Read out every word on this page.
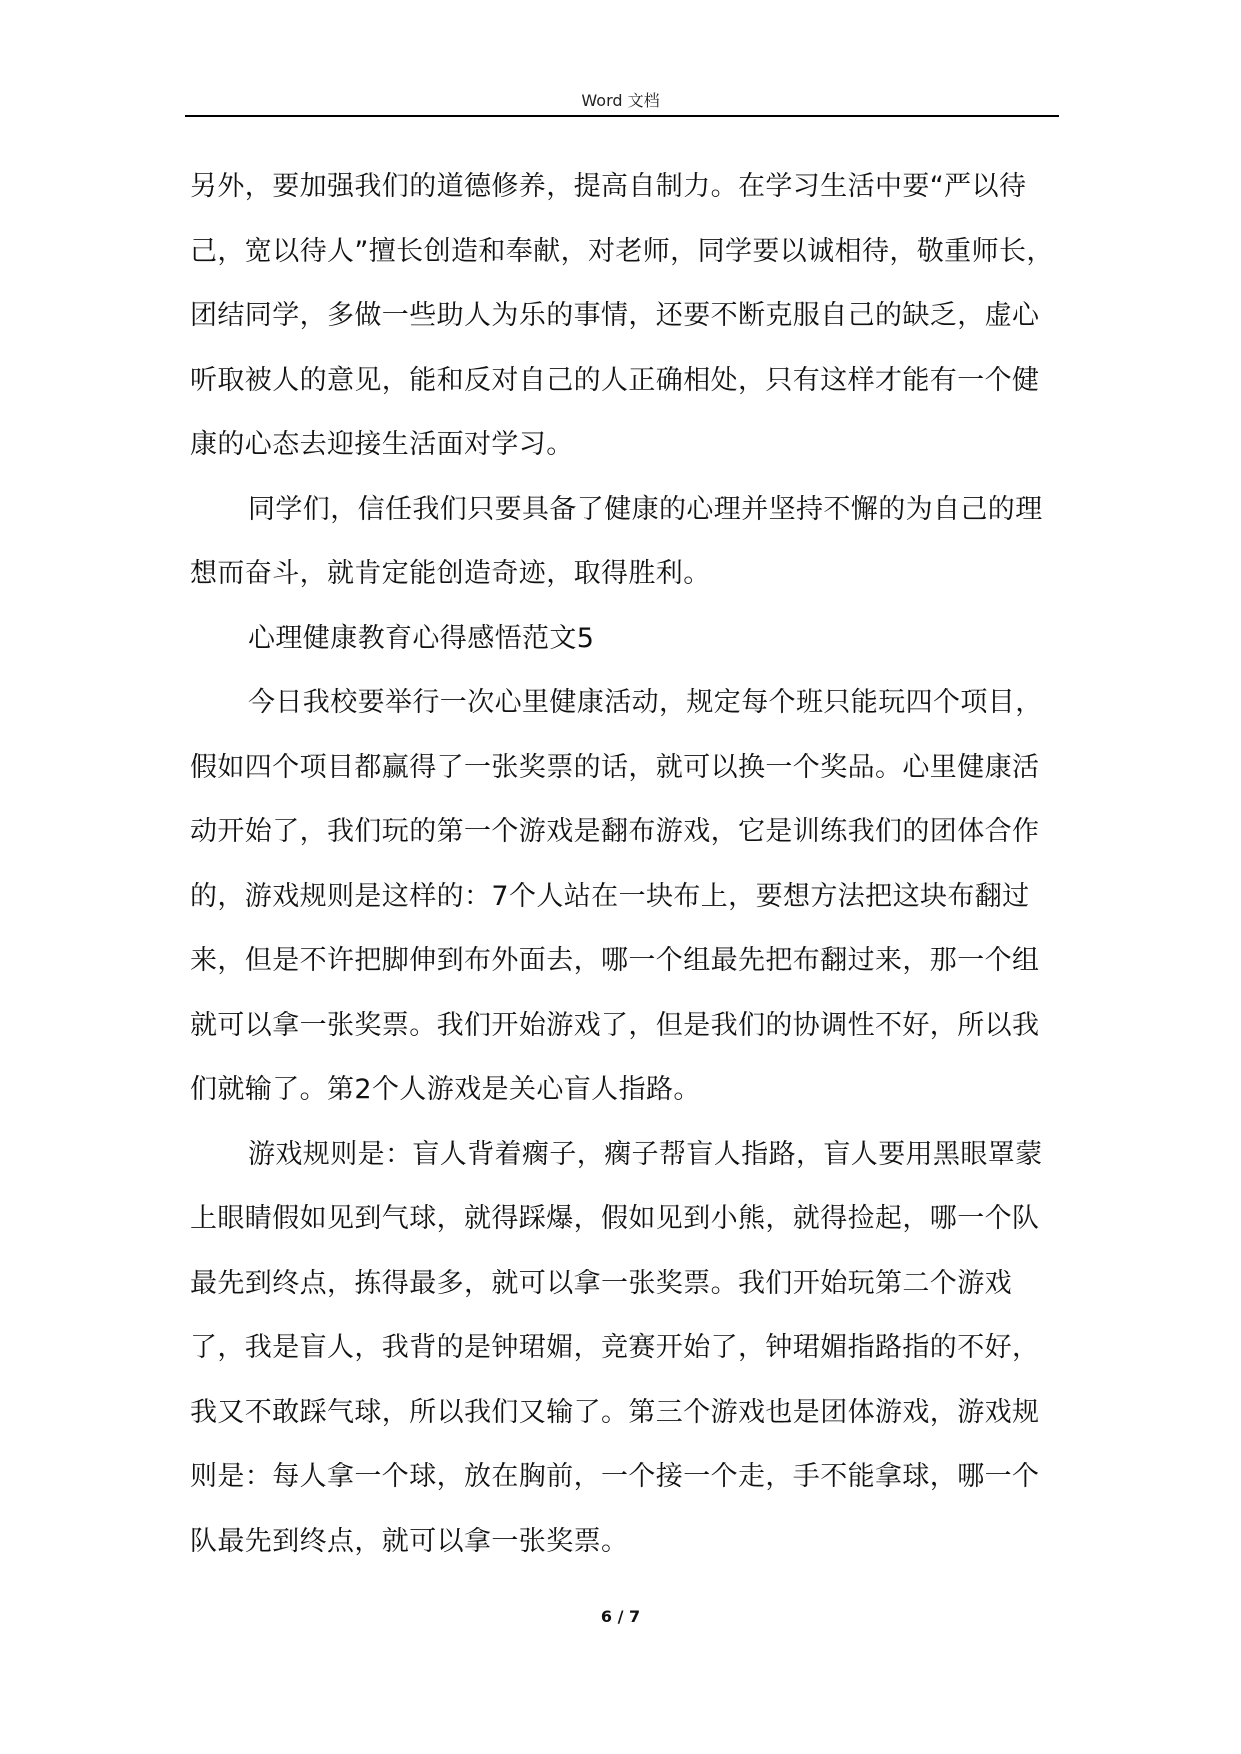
Word 文档

另外，要加强我们的道德修养，提高自制力。在学习生活中要“严以待己，宽以待人”擅长创造和奉献，对老师，同学要以诚相待，敬重师长，团结同学，多做一些助人为乐的事情，还要不断克服自己的缺乏，虚心听取被人的意见，能和反对自己的人正确相处，只有这样才能有一个健康的心态去迎接生活面对学习。

同学们，信任我们只要具备了健康的心理并坚持不懈的为自己的理想而奋斗，就肯定能创造奇迹，取得胜利。

心理健康教育心得感悟范文5

今日我校要举行一次心里健康活动，规定每个班只能玩四个项目，假如四个项目都赢得了一张奖票的话，就可以换一个奖品。心里健康活动开始了，我们玩的第一个游戏是翻布游戏，它是训练我们的团体合作的，游戏规则是这样的：7个人站在一块布上，要想方法把这块布翻过来，但是不许把脚伸到布外面去，哪一个组最先把布翻过来，那一个组就可以拿一张奖票。我们开始游戏了，但是我们的协调性不好，所以我们就输了。第2个人游戏是关心盲人指路。

游戏规则是：盲人背着瘸子，瘸子帮盲人指路，盲人要用黑眼罩蒙上眼睛假如见到气球，就得踩爆，假如见到小熊，就得捡起，哪一个队最先到终点，拣得最多，就可以拿一张奖票。我们开始玩第二个游戏了，我是盲人，我背的是钟珺媚，竞赛开始了，钟珺媚指路指的不好，我又不敢踩气球，所以我们又输了。第三个游戏也是团体游戏，游戏规则是：每人拿一个球，放在胸前，一个接一个走，手不能拿球，哪一个队最先到终点，就可以拿一张奖票。

6 / 7
